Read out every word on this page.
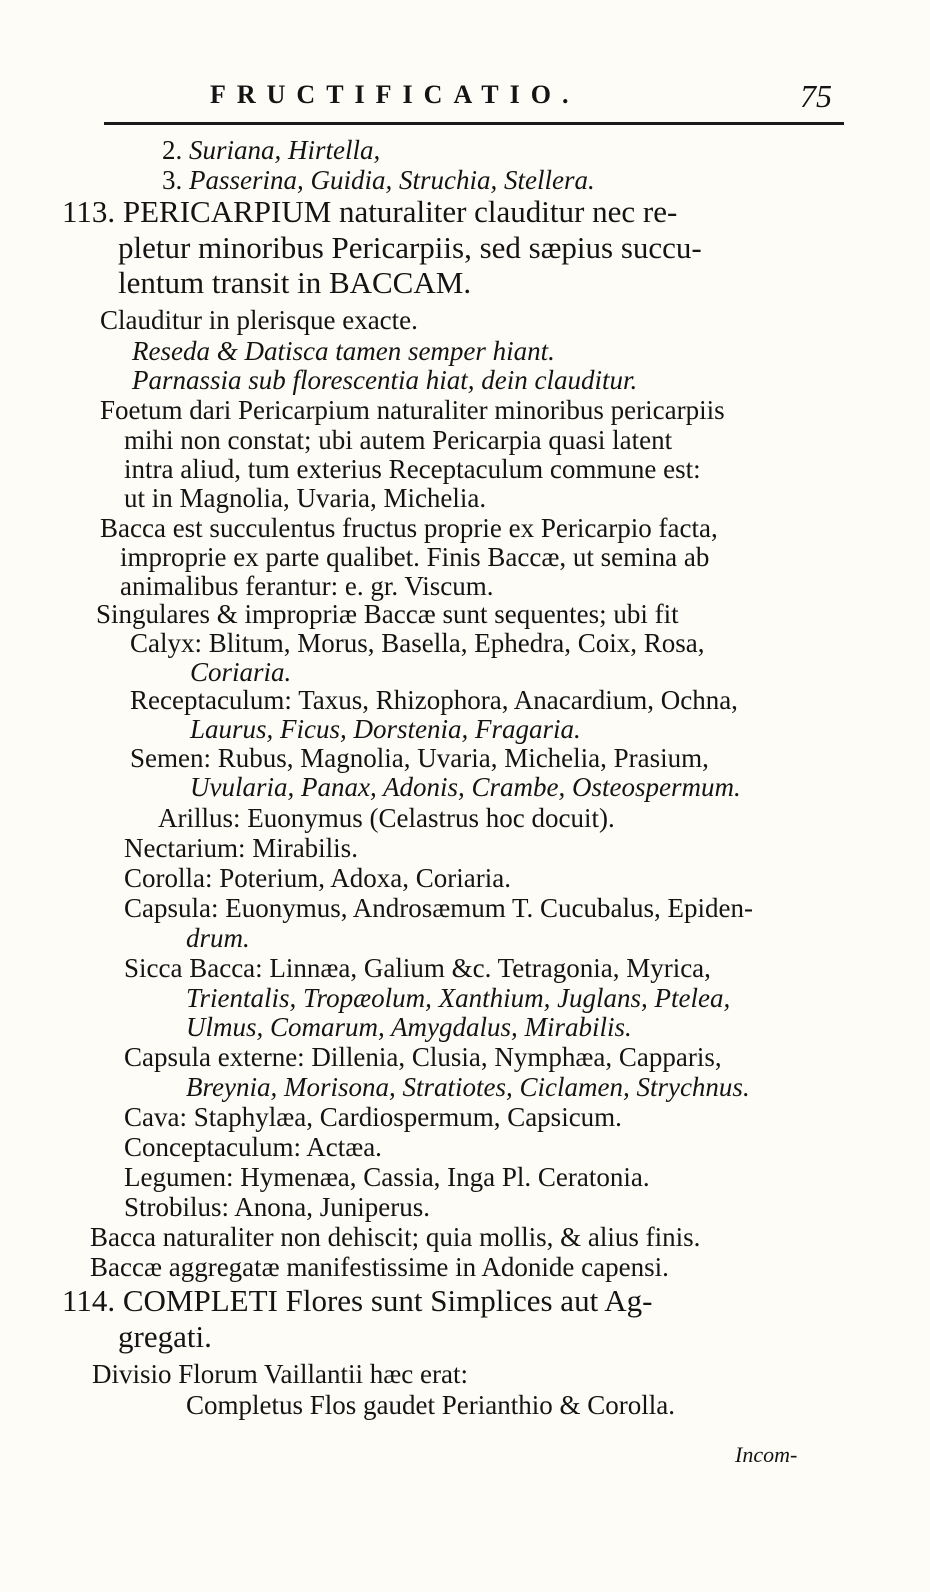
FRUCTIFICATIO.	75
2. Suriana, Hirtella,
3. Passerina, Guidia, Struchia, Stellera.
113. PERICARPIUM naturaliter clauditur nec re-
pletur minoribus Pericarpiis, sed sæpius succu-
lentum transit in BACCAM.
Clauditur in plerisque exacte.
Reseda & Datisca tamen semper hiant.
Parnassia sub florescentia hiat, dein clauditur.
Foetum dari Pericarpium naturaliter minoribus pericarpiis
mihi non constat; ubi autem Pericarpia quasi latent
intra aliud, tum exterius Receptaculum commune est:
ut in Magnolia, Uvaria, Michelia.
Bacca est succulentus fructus proprie ex Pericarpio facta,
improprie ex parte qualibet. Finis Baccæ, ut semina ab
animalibus ferantur: e. gr. Viscum.
Singulares & impropriæ Baccæ sunt sequentes; ubi fit
Calyx: Blitum, Morus, Basella, Ephedra, Coix, Rosa,
Coriaria.
Receptaculum: Taxus, Rhizophora, Anacardium, Ochna,
Laurus, Ficus, Dorstenia, Fragaria.
Semen: Rubus, Magnolia, Uvaria, Michelia, Prasium,
Uvularia, Panax, Adonis, Crambe, Osteospermum.
Arillus: Euonymus (Celastrus hoc docuit).
Nectarium: Mirabilis.
Corolla: Poterium, Adoxa, Coriaria.
Capsula: Euonymus, Androsæmum T. Cucubalus, Epiden-
drum.
Sicca Bacca: Linnæa, Galium &c. Tetragonia, Myrica,
Trientalis, Tropæolum, Xanthium, Juglans, Ptelea,
Ulmus, Comarum, Amygdalus, Mirabilis.
Capsula externe: Dillenia, Clusia, Nymphæa, Capparis,
Breynia, Morisona, Stratiotes, Ciclamen, Strychnus.
Cava: Staphylæa, Cardiospermum, Capsicum.
Conceptaculum: Actæa.
Legumen: Hymenæa, Cassia, Inga Pl. Ceratonia.
Strobilus: Anona, Juniperus.
Bacca naturaliter non dehiscit; quia mollis, & alius finis.
Baccæ aggregatæ manifestissime in Adonide capensi.
114. COMPLETI Flores sunt Simplices aut Ag-
gregati.
Divisio Florum Vaillantii hæc erat:
Completus Flos gaudet Perianthio & Corolla.
Incom-
